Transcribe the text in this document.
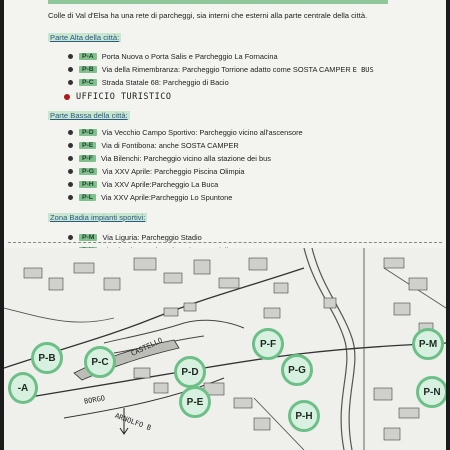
Colle di Val d'Elsa ha una rete di parcheggi, sia interni che esterni alla parte centrale della città.
Parte Alta della città:
P-A	Porta Nuova o Porta Salis e Parcheggio La Fornacina
P-B	Via della Rimembranza: Parcheggio Torrione adatto come SOSTA CAMPER E BUS
P-C	Strada Statale 68: Parcheggio di Bacio
UFFICIO TURISTICO
Parte Bassa della città:
P-D	Via Vecchio Campo Sportivo: Parcheggio vicino all'ascensore
P-E	Via di Fontibona: anche SOSTA CAMPER
P-F	Via Bilenchi: Parcheggio vicino alla stazione dei bus
P-G	Via XXV Aprile: Parcheggio Piscina Olimpia
P-H	Via XXV Aprile:Parcheggio La Buca
P-L	Via XXV Aprile:Parcheggio Lo Spuntone
Zona Badia impianti sportivi:
P-M	Via Liguria: Parcheggio Stadio
CASTELLO
BORGO
ARNOLFO B
P-B	P-C
-A
P-D
P-E
P-F
P-G
P-H
P-M
P-N
